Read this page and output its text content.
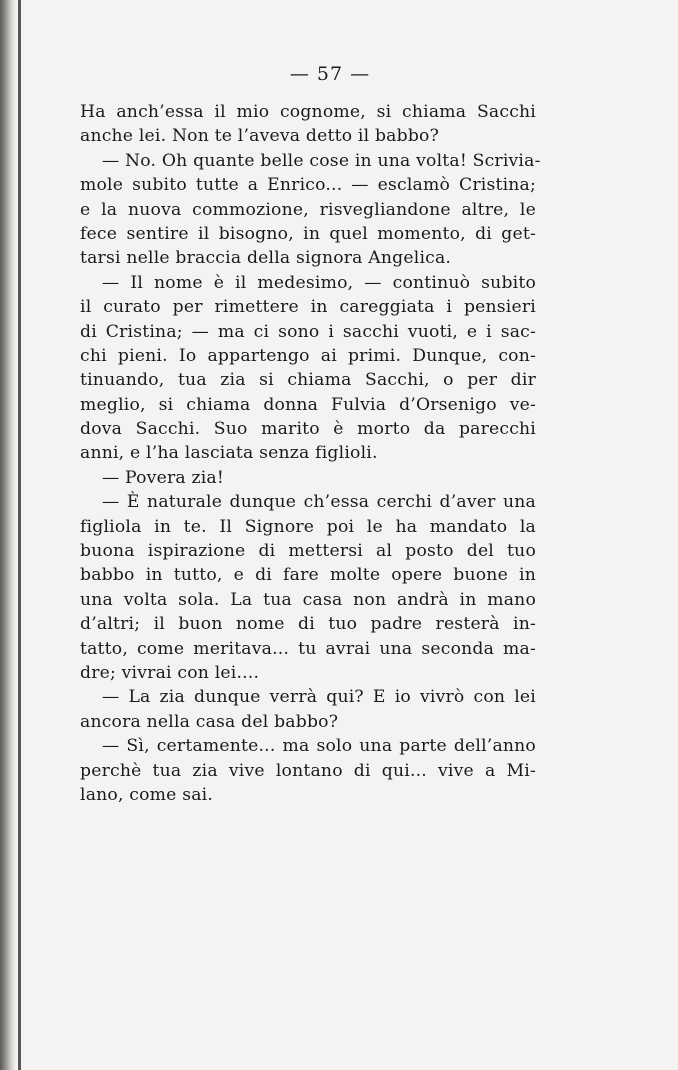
— 57 —
Ha anch’essa il mio cognome, si chiama Sacchi
anche lei. Non te l’aveva detto il babbo?
— No. Oh quante belle cose in una volta! Scrivia-
mole subito tutte a Enrico... — esclamò Cristina;
e la nuova commozione, risvegliandone altre, le
fece sentire il bisogno, in quel momento, di get-
tarsi nelle braccia della signora Angelica.
— Il nome è il medesimo, — continuò subito
il curato per rimettere in careggiata i pensieri
di Cristina; — ma ci sono i sacchi vuoti, e i sac-
chi pieni. Io appartengo ai primi. Dunque, con-
tinuando, tua zia si chiama Sacchi, o per dir
meglio, si chiama donna Fulvia d’Orsenigo ve-
dova Sacchi. Suo marito è morto da parecchi
anni, e l’ha lasciata senza figlioli.
— Povera zia!
— È naturale dunque ch’essa cerchi d’aver una
figliola in te. Il Signore poi le ha mandato la
buona ispirazione di mettersi al posto del tuo
babbo in tutto, e di fare molte opere buone in
una volta sola. La tua casa non andrà in mano
d’altri; il buon nome di tuo padre resterà in-
tatto, come meritava... tu avrai una seconda ma-
dre; vivrai con lei....
— La zia dunque verrà qui? E io vivrò con lei
ancora nella casa del babbo?
— Sì, certamente... ma solo una parte dell’anno
perchè tua zia vive lontano di qui... vive a Mi-
lano, come sai.
